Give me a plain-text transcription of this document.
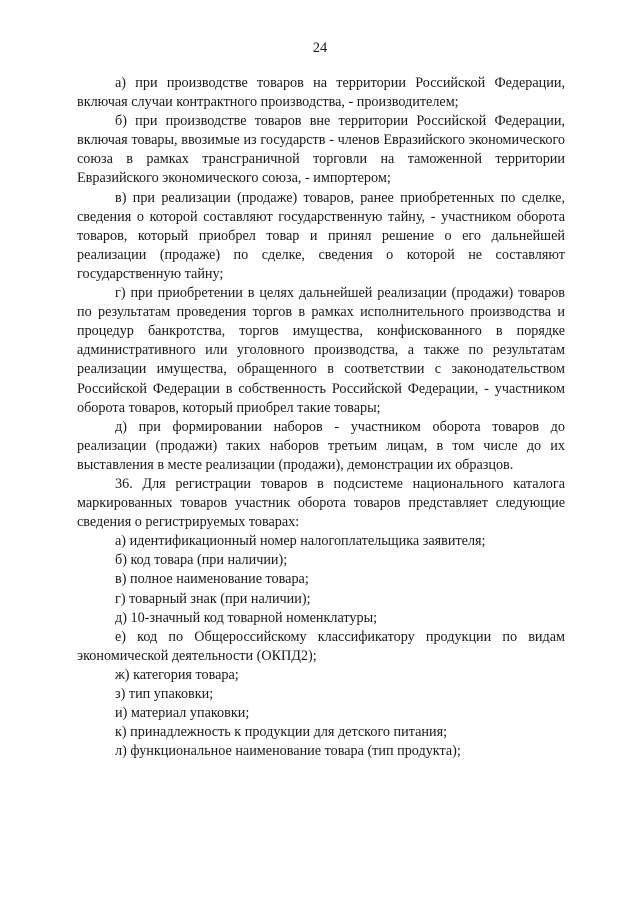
24

а) при производстве товаров на территории Российской Федерации, включая случаи контрактного производства, - производителем;

б) при производстве товаров вне территории Российской Федерации, включая товары, ввозимые из государств - членов Евразийского экономического союза в рамках трансграничной торговли на таможенной территории Евразийского экономического союза, - импортером;

в) при реализации (продаже) товаров, ранее приобретенных по сделке, сведения о которой составляют государственную тайну, - участником оборота товаров, который приобрел товар и принял решение о его дальнейшей реализации (продаже) по сделке, сведения о которой не составляют государственную тайну;

г) при приобретении в целях дальнейшей реализации (продажи) товаров по результатам проведения торгов в рамках исполнительного производства и процедур банкротства, торгов имущества, конфискованного в порядке административного или уголовного производства, а также по результатам реализации имущества, обращенного в соответствии с законодательством Российской Федерации в собственность Российской Федерации, - участником оборота товаров, который приобрел такие товары;

д) при формировании наборов - участником оборота товаров до реализации (продажи) таких наборов третьим лицам, в том числе до их выставления в месте реализации (продажи), демонстрации их образцов.

36. Для регистрации товаров в подсистеме национального каталога маркированных товаров участник оборота товаров представляет следующие сведения о регистрируемых товарах:

а) идентификационный номер налогоплательщика заявителя;

б) код товара (при наличии);

в) полное наименование товара;

г) товарный знак (при наличии);

д) 10-значный код товарной номенклатуры;

е) код по Общероссийскому классификатору продукции по видам экономической деятельности (ОКПД2);

ж) категория товара;

з) тип упаковки;

и) материал упаковки;

к) принадлежность к продукции для детского питания;

л) функциональное наименование товара (тип продукта);
